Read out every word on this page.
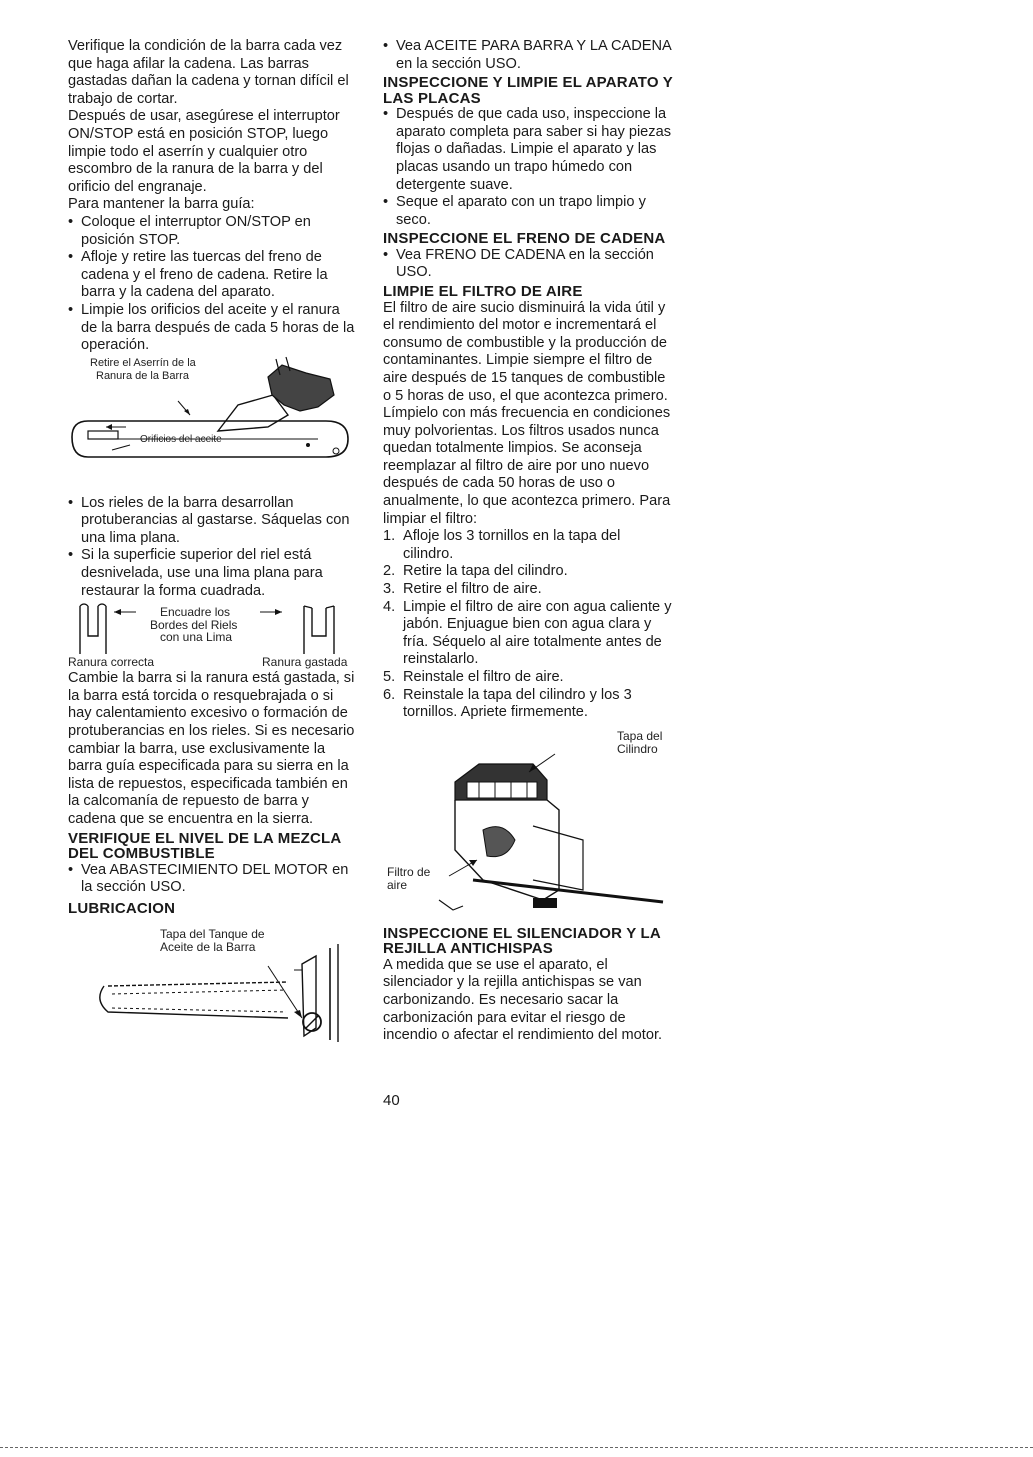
Verifique la condición de la barra cada vez que haga afilar la cadena. Las barras gastadas dañan la cadena y tornan difícil el trabajo de cortar.

Después de usar, asegúrese el interruptor ON/STOP está en posición STOP, luego limpie todo el aserrín y cualquier otro escombro de la ranura de la barra y del orificio del engranaje.

Para mantener la barra guía:

• Coloque el interruptor ON/STOP en posición STOP.
• Afloje y retire las tuercas del freno de cadena y el freno de cadena. Retire la barra y la cadena del aparato.
• Limpie los orificios del aceite y el ranura de la barra después de cada 5 horas de la operación.
Retire el Aserrín de la
Ranura de la Barra
Orificios del aceite
• Los rieles de la barra desarrollan protuberancias al gastarse. Sáquelas con una lima plana.
• Si la superficie superior del riel está desnivelada, use una lima plana para restaurar la forma cuadrada.
Encuadre los
Bordes del Riels
con una Lima
Ranura correcta	Ranura gastada

Cambie la barra si la ranura está gastada, si la barra está torcida o resquebrajada o si hay calentamiento excesivo o formación de protuberancias en los rieles. Si es necesario cambiar la barra, use exclusivamente la barra guía especificada para su sierra en la lista de repuestos, especificada también en la calcomanía de repuesto de barra y cadena que se encuentra en la sierra.

VERIFIQUE EL NIVEL DE LA MEZCLA DEL COMBUSTIBLE
• Vea ABASTECIMIENTO DEL MOTOR en la sección USO.
LUBRICACION
Tapa del Tanque de
Aceite de la Barra
• Vea ACEITE PARA BARRA Y LA CADENA en la sección USO.
INSPECCIONE Y LIMPIE EL APARATO Y LAS PLACAS
• Después de que cada uso, inspeccione la aparato completa para saber si hay piezas flojas o dañadas. Limpie el aparato y las placas usando un trapo húmedo con detergente suave.
• Seque el aparato con un trapo limpio y seco.
INSPECCIONE EL FRENO DE CADENA
• Vea FRENO DE CADENA en la sección USO.
LIMPIE EL FILTRO DE AIRE

El filtro de aire sucio disminuirá la vida útil y el rendimiento del motor e incrementará el consumo de combustible y la producción de contaminantes. Limpie siempre el filtro de aire después de 15 tanques de combustible o 5 horas de uso, el que acontezca primero. Límpielo con más frecuencia en condiciones muy polvorientas. Los filtros usados nunca quedan totalmente limpios. Se aconseja reemplazar al filtro de aire por uno nuevo después de cada 50 horas de uso o anualmente, lo que acontezca primero. Para limpiar el filtro:

1. Afloje los 3 tornillos en la tapa del cilindro.
2. Retire la tapa del cilindro.
3. Retire el filtro de aire.
4. Limpie el filtro de aire con agua caliente y jabón. Enjuague bien con agua clara y fría. Séquelo al aire totalmente antes de reinstalarlo.
5. Reinstale el filtro de aire.
6. Reinstale la tapa del cilindro y los 3 tornillos. Apriete firmemente.
Tapa del
Cilindro
Filtro de
aire
INSPECCIONE EL SILENCIADOR Y LA REJILLA ANTICHISPAS

A medida que se use el aparato, el silenciador y la rejilla antichispas se van carbonizando. Es necesario sacar la carbonización para evitar el riesgo de incendio o afectar el rendimiento del motor.

40
